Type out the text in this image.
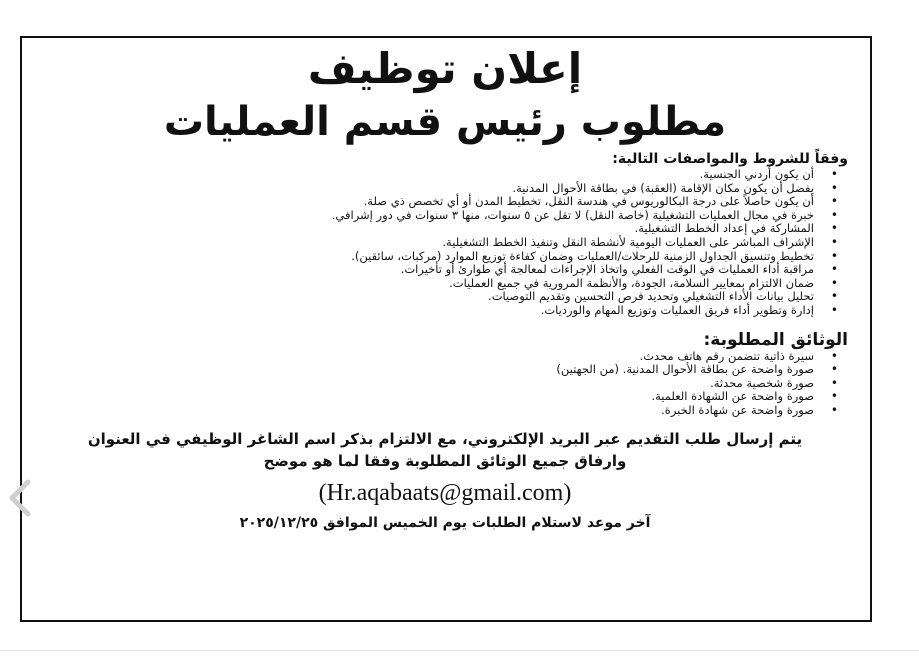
إعلان توظيف
مطلوب رئيس قسم العمليات
وفقاً للشروط والمواصفات التالية:
• أن يكون أردني الجنسية.
• يفضل أن يكون مكان الإقامة (العقبة) في بطاقة الأحوال المدنية.
• أن يكون حاصلاً على درجة البكالوريوس في هندسة النقل، تخطيط المدن أو أي تخصص ذي صلة.
• خبرة في مجال العمليات التشغيلية (خاصة النقل) لا تقل عن ٥ سنوات، منها ٣ سنوات في دور إشرافي.
• المشاركة في إعداد الخطط التشغيلية.
• الإشراف المباشر على العمليات اليومية لأنشطة النقل وتنفيذ الخطط التشغيلية.
• تخطيط وتنسيق الجداول الزمنية للرحلات/العمليات وضمان كفاءة توزيع الموارد (مركبات، سائقين).
• مراقبة أداء العمليات في الوقت الفعلي واتخاذ الإجراءات لمعالجة أي طوارئ أو تأخيرات.
• ضمان الالتزام بمعايير السلامة، الجودة، والأنظمة المرورية في جميع العمليات.
• تحليل بيانات الأداء التشغيلي وتحديد فرص التحسين وتقديم التوصيات.
• إدارة وتطوير أداء فريق العمليات وتوزيع المهام والورديات.
الوثائق المطلوبة:
• سيرة ذاتية تتضمن رقم هاتف محدث.
• صورة واضحة عن بطاقة الأحوال المدنية. (من الجهتين)
• صورة شخصية محدثة.
• صورة واضحة عن الشهادة العلمية.
• صورة واضحة عن شهادة الخبرة.
يتم إرسال طلب التقديم عبر البريد الإلكتروني، مع الالتزام بذكر اسم الشاغر الوظيفي في العنوان
وارفاق جميع الوثائق المطلوبة وفقا لما هو موضح
(Hr.aqabaats@gmail.com)
آخر موعد لاستلام الطلبات يوم الخميس الموافق ٢٠٢٥/١٢/٢٥
